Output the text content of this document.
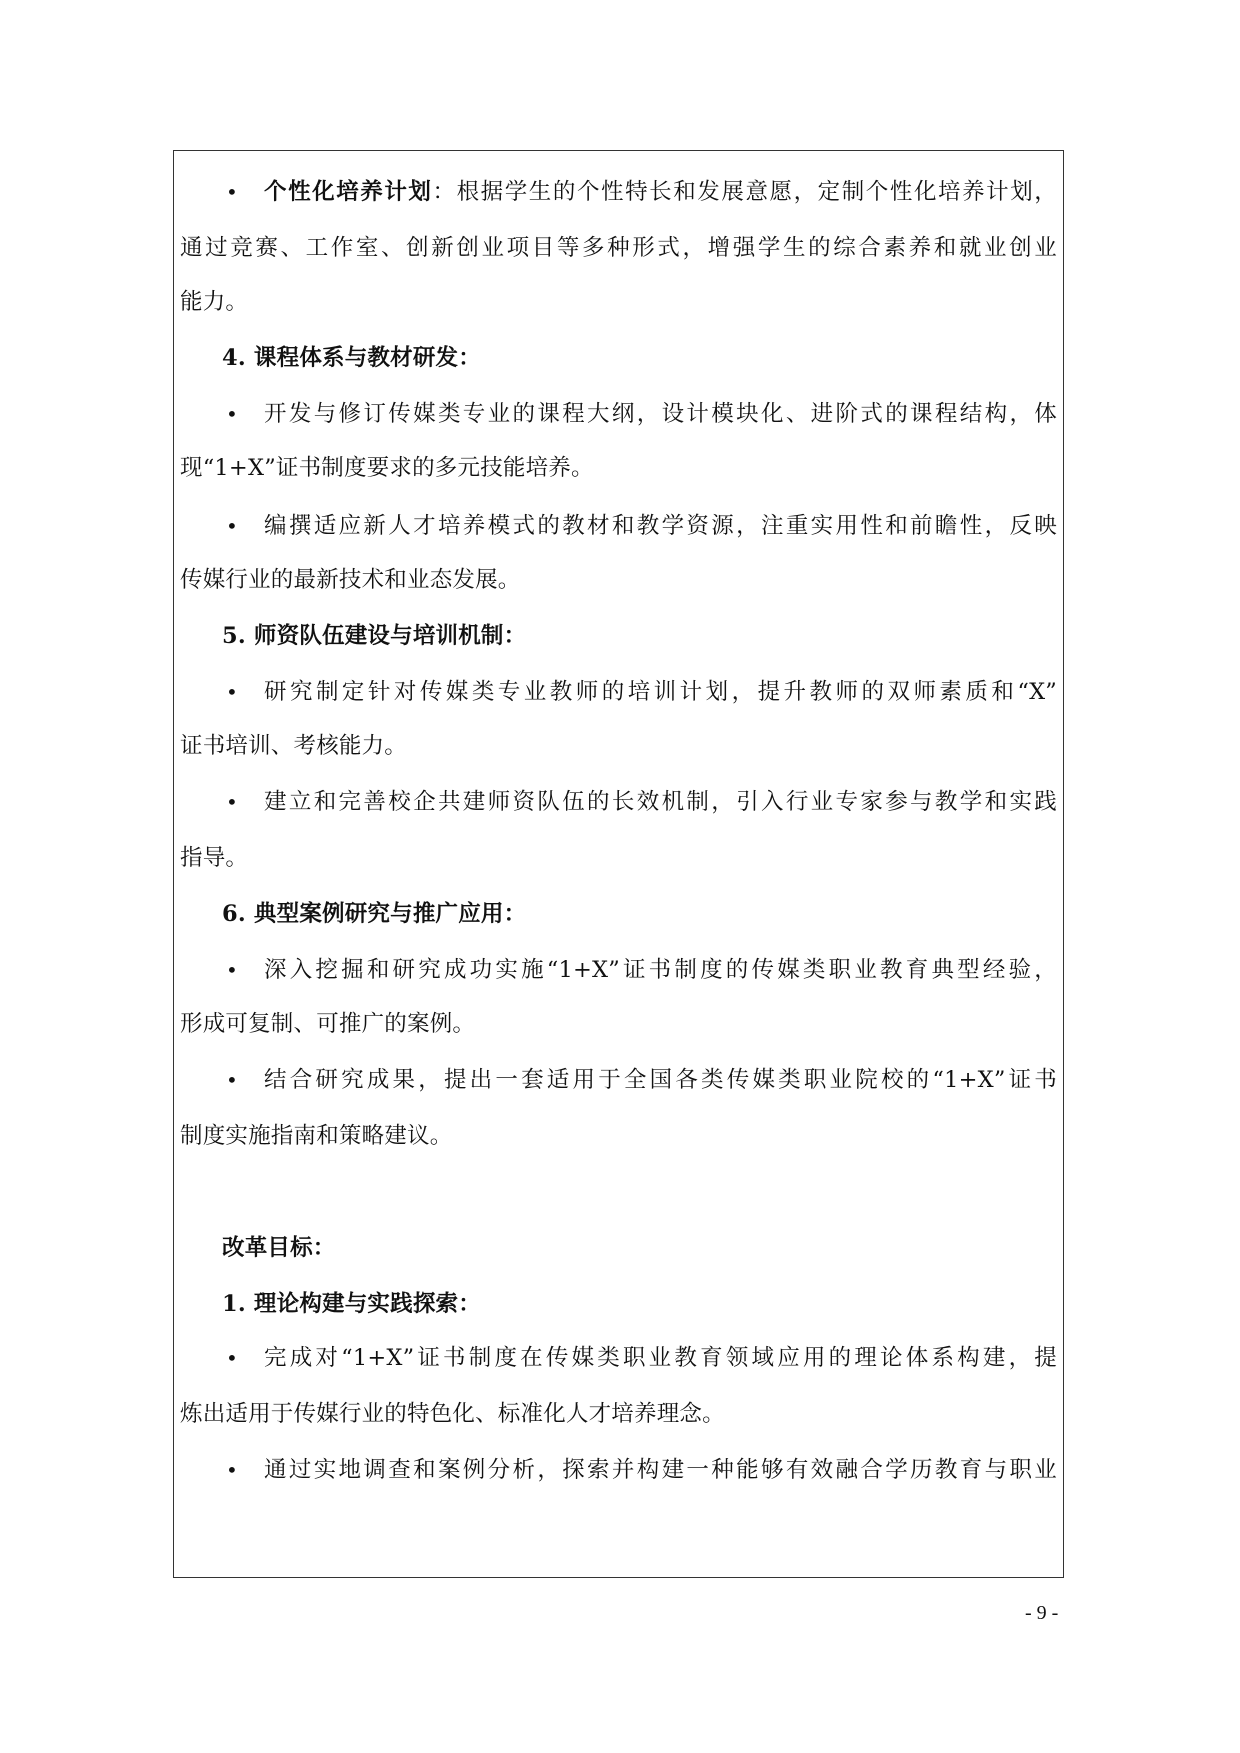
• 个性化培养计划：根据学生的个性特长和发展意愿，定制个性化培养计划，
通过竞赛、工作室、创新创业项目等多种形式，增强学生的综合素养和就业创业
能力。
4. 课程体系与教材研发：
• 开发与修订传媒类专业的课程大纲，设计模块化、进阶式的课程结构，体
现“1+X”证书制度要求的多元技能培养。
• 编撰适应新人才培养模式的教材和教学资源，注重实用性和前瞻性，反映
传媒行业的最新技术和业态发展。
5. 师资队伍建设与培训机制：
• 研究制定针对传媒类专业教师的培训计划，提升教师的双师素质和“X”
证书培训、考核能力。
• 建立和完善校企共建师资队伍的长效机制，引入行业专家参与教学和实践
指导。
6. 典型案例研究与推广应用：
• 深入挖掘和研究成功实施“1+X”证书制度的传媒类职业教育典型经验，
形成可复制、可推广的案例。
• 结合研究成果，提出一套适用于全国各类传媒类职业院校的“1+X”证书
制度实施指南和策略建议。
改革目标：
1. 理论构建与实践探索：
• 完成对“1+X”证书制度在传媒类职业教育领域应用的理论体系构建，提
炼出适用于传媒行业的特色化、标准化人才培养理念。
• 通过实地调查和案例分析，探索并构建一种能够有效融合学历教育与职业
- 9 -
